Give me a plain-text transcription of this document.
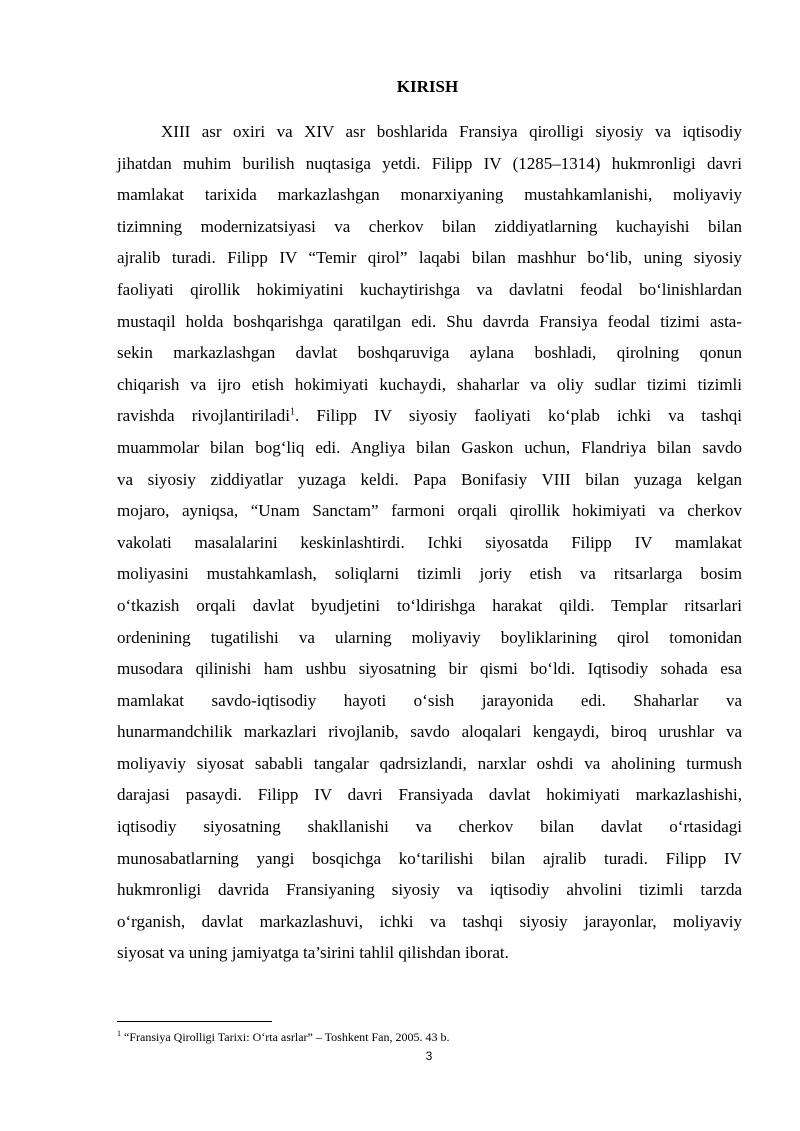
KIRISH
XIII asr oxiri va XIV asr boshlarida Fransiya qirolligi siyosiy va iqtisodiy
jihatdan muhim burilish nuqtasiga yetdi. Filipp IV (1285–1314) hukmronligi davri
mamlakat tarixida markazlashgan monarxiyaning mustahkamlanishi, moliyaviy
tizimning modernizatsiyasi va cherkov bilan ziddiyatlarning kuchayishi bilan
ajralib turadi. Filipp IV “Temir qirol” laqabi bilan mashhur bo‘lib, uning siyosiy
faoliyati qirollik hokimiyatini kuchaytirishga va davlatni feodal bo‘linishlardan
mustaqil holda boshqarishga qaratilgan edi. Shu davrda Fransiya feodal tizimi asta-
sekin markazlashgan davlat boshqaruviga aylana boshladi, qirolning qonun
chiqarish va ijro etish hokimiyati kuchaydi, shaharlar va oliy sudlar tizimi tizimli
ravishda rivojlantiriladi$^1$. Filipp IV siyosiy faoliyati ko‘plab ichki va tashqi
muammolar bilan bog‘liq edi. Angliya bilan Gaskon uchun, Flandriya bilan savdo
va siyosiy ziddiyatlar yuzaga keldi. Papa Bonifasiy VIII bilan yuzaga kelgan
mojaro, ayniqsa, “Unam Sanctam” farmoni orqali qirollik hokimiyati va cherkov
vakolati masalalarini keskinlashtirdi. Ichki siyosatda Filipp IV mamlakat
moliyasini mustahkamlash, soliqlarni tizimli joriy etish va ritsarlarga bosim
o‘tkazish orqali davlat byudjetini to‘ldirishga harakat qildi. Templar ritsarlari
ordenining tugatilishi va ularning moliyaviy boyliklarining qirol tomonidan
musodara qilinishi ham ushbu siyosatning bir qismi bo‘ldi. Iqtisodiy sohada esa
mamlakat savdo-iqtisodiy hayoti o‘sish jarayonida edi. Shaharlar va
hunarmandchilik markazlari rivojlanib, savdo aloqalari kengaydi, biroq urushlar va
moliyaviy siyosat sababli tangalar qadrsizlandi, narxlar oshdi va aholining turmush
darajasi pasaydi. Filipp IV davri Fransiyada davlat hokimiyati markazlashishi,
iqtisodiy siyosatning shakllanishi va cherkov bilan davlat o‘rtasidagi
munosabatlarning yangi bosqichga ko‘tarilishi bilan ajralib turadi. Filipp IV
hukmronligi davrida Fransiyaning siyosiy va iqtisodiy ahvolini tizimli tarzda
o‘rganish, davlat markazlashuvi, ichki va tashqi siyosiy jarayonlar, moliyaviy
siyosat va uning jamiyatga ta’sirini tahlil qilishdan iborat.
$^1$ “Fransiya Qirolligi Tarixi: O‘rta asrlar” – Toshkent Fan, 2005. 43 b.
3
